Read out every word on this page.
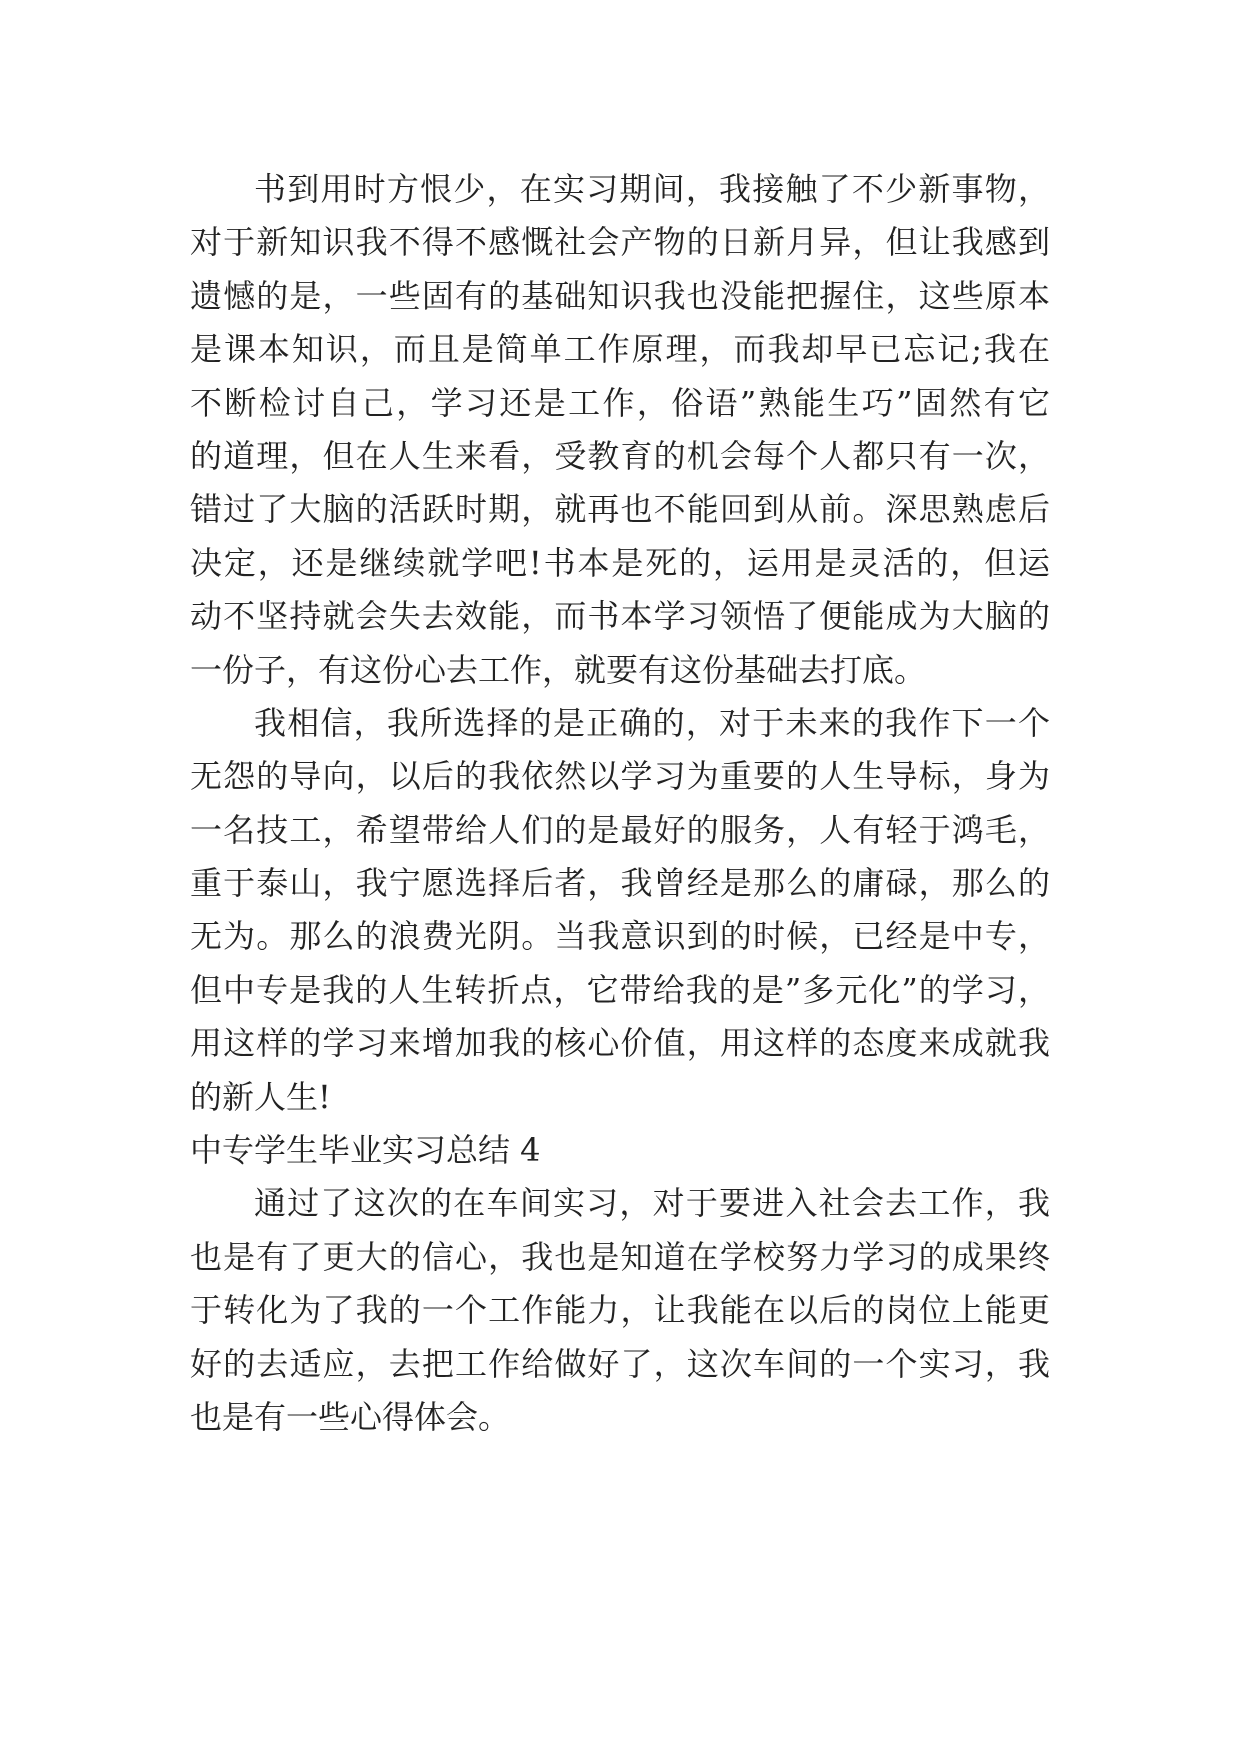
书到用时方恨少，在实习期间，我接触了不少新事物，
对于新知识我不得不感慨社会产物的日新月异，但让我感到
遗憾的是，一些固有的基础知识我也没能把握住，这些原本
是课本知识，而且是简单工作原理，而我却早已忘记;我在
不断检讨自己，学习还是工作，俗语”熟能生巧”固然有它
的道理，但在人生来看，受教育的机会每个人都只有一次，
错过了大脑的活跃时期，就再也不能回到从前。深思熟虑后
决定，还是继续就学吧!书本是死的，运用是灵活的，但运
动不坚持就会失去效能，而书本学习领悟了便能成为大脑的
一份子，有这份心去工作，就要有这份基础去打底。
我相信，我所选择的是正确的，对于未来的我作下一个
无怨的导向，以后的我依然以学习为重要的人生导标，身为
一名技工，希望带给人们的是最好的服务，人有轻于鸿毛，
重于泰山，我宁愿选择后者，我曾经是那么的庸碌，那么的
无为。那么的浪费光阴。当我意识到的时候，已经是中专，
但中专是我的人生转折点，它带给我的是”多元化”的学习，
用这样的学习来增加我的核心价值，用这样的态度来成就我
的新人生!
中专学生毕业实习总结 4
通过了这次的在车间实习，对于要进入社会去工作，我
也是有了更大的信心，我也是知道在学校努力学习的成果终
于转化为了我的一个工作能力，让我能在以后的岗位上能更
好的去适应，去把工作给做好了，这次车间的一个实习，我
也是有一些心得体会。
